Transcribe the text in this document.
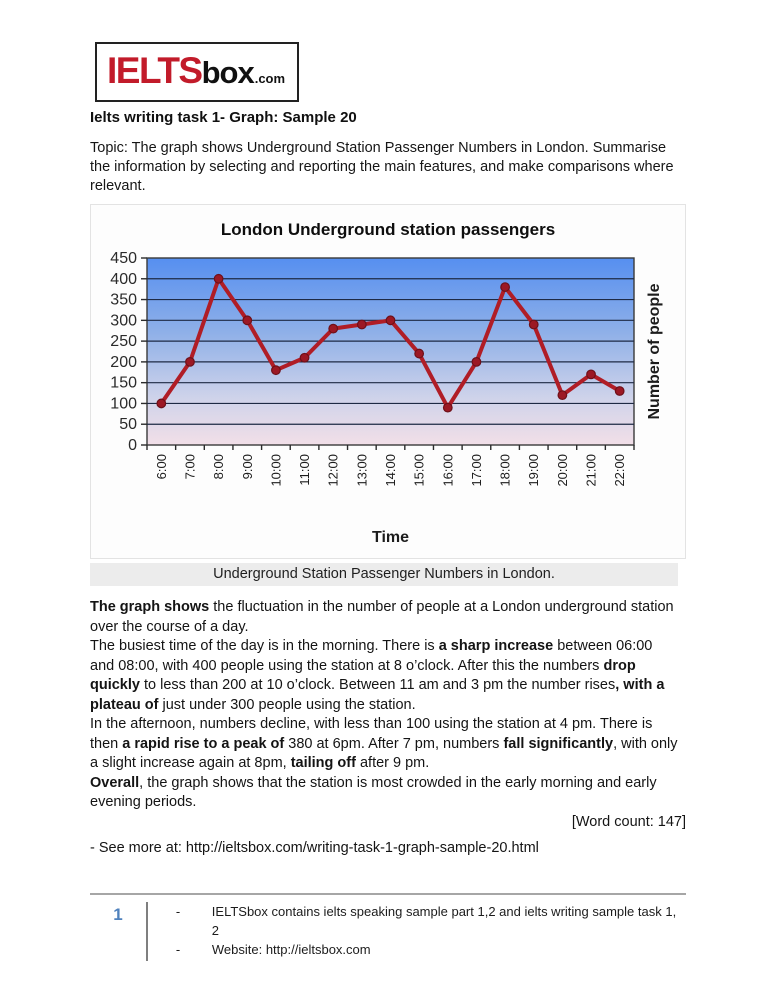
IELTS box .com
Ielts writing task 1- Graph: Sample 20
Topic: The graph shows Underground Station Passenger Numbers in London. Summarise the information by selecting and reporting the main features, and make comparisons where relevant.
London Underground station passengers
0
50
100
150
200
250
300
350
400
450
6:00 7:00 8:00 9:00 10:00 11:00 12:00 13:00 14:00 15:00 16:00 17:00 18:00 19:00 20:00 21:00 22:00
Number of people
Time
Underground Station Passenger Numbers in London.

The graph shows the fluctuation in the number of people at a London underground station over the course of a day.

The busiest time of the day is in the morning. There is a sharp increase between 06:00 and 08:00, with 400 people using the station at 8 o’clock. After this the numbers drop quickly to less than 200 at 10 o’clock. Between 11 am and 3 pm the number rises, with a plateau of just under 300 people using the station.

In the afternoon, numbers decline, with less than 100 using the station at 4 pm. There is then a rapid rise to a peak of 380 at 6pm. After 7 pm, numbers fall significantly, with only a slight increase again at 8pm, tailing off after 9 pm.

Overall, the graph shows that the station is most crowded in the early morning and early evening periods.

[Word count: 147]
- See more at: http://ieltsbox.com/writing-task-1-graph-sample-20.html
1	-	IELTSbox contains ielts speaking sample part 1,2 and ielts writing sample task 1, 2
-	Website: http://ieltsbox.com
